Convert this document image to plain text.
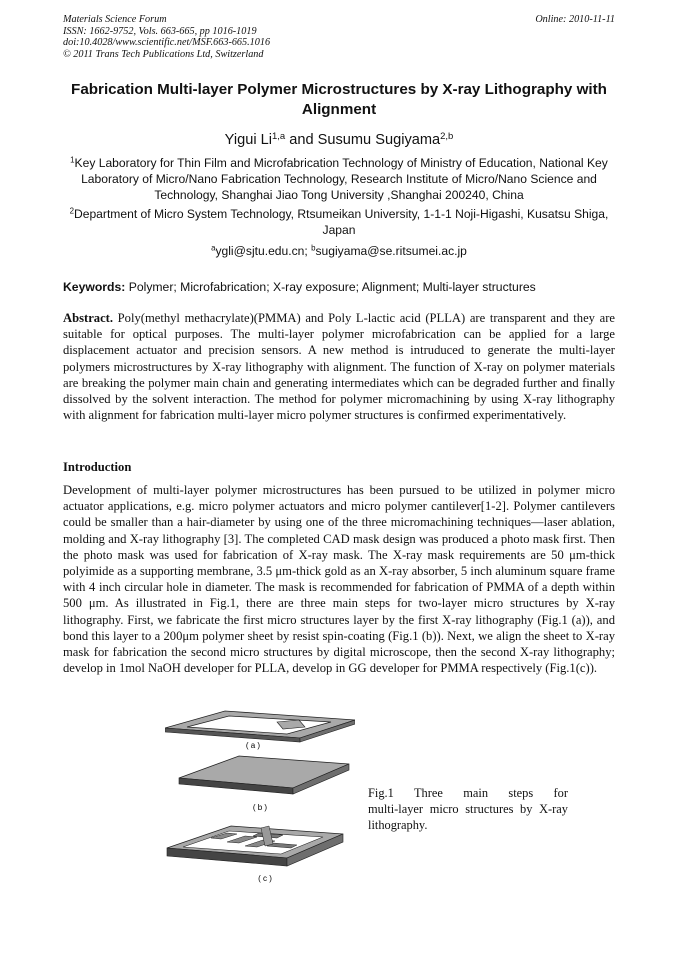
Materials Science Forum
ISSN: 1662-9752, Vols. 663-665, pp 1016-1019
doi:10.4028/www.scientific.net/MSF.663-665.1016
© 2011 Trans Tech Publications Ltd, Switzerland
Online: 2010-11-11
Fabrication Multi-layer Polymer Microstructures by X-ray Lithography with Alignment
Yigui Li$^{1,a}$ and Susumu Sugiyama$^{2,b}$
$^1$Key Laboratory for Thin Film and Microfabrication Technology of Ministry of Education, National Key Laboratory of Micro/Nano Fabrication Technology, Research Institute of Micro/Nano Science and Technology, Shanghai Jiao Tong University ,Shanghai 200240, China
$^2$Department of Micro System Technology, Rtsumeikan University, 1-1-1 Noji-Higashi, Kusatsu Shiga, Japan
$^a$ygli@sjtu.edu.cn; $^b$sugiyama@se.ritsumei.ac.jp
Keywords: Polymer; Microfabrication; X-ray exposure; Alignment; Multi-layer structures
Abstract. Poly(methyl methacrylate)(PMMA) and Poly L-lactic acid (PLLA) are transparent and they are suitable for optical purposes. The multi-layer polymer microfabrication can be applied for a large displacement actuator and precision sensors. A new method is intruduced to generate the multi-layer polymers microstructures by X-ray lithography with alignment. The function of X-ray on polymer materials are breaking the polymer main chain and generating intermediates which can be degraded further and finally dissolved by the solvent interaction. The method for polymer micromachining by using X-ray lithography with alignment for fabrication multi-layer micro polymer structures is confirmed experimentatively.
Introduction
Development of multi-layer polymer microstructures has been pursued to be utilized in polymer micro actuator applications, e.g. micro polymer actuators and micro polymer cantilever[1-2]. Polymer cantilevers could be smaller than a hair-diameter by using one of the three micromachining techniques—laser ablation, molding and X-ray lithography [3]. The completed CAD mask design was produced a photo mask first. Then the photo mask was used for fabrication of X-ray mask. The X-ray mask requirements are 50 μm-thick polyimide as a supporting membrane, 3.5 μm-thick gold as an X-ray absorber, 5 inch aluminum square frame with 4 inch circular hole in diameter. The mask is recommended for fabrication of PMMA of a depth within 500 μm. As illustrated in Fig.1, there are three main steps for two-layer micro structures by X-ray lithography. First, we fabricate the first micro structures layer by the first X-ray lithography (Fig.1 (a)), and bond this layer to a 200μm polymer sheet by resist spin-coating (Fig.1 (b)). Next, we align the sheet to X-ray mask for fabrication the second micro structures by digital microscope, then the second X-ray lithography; develop in 1mol NaOH developer for PLLA, develop in GG developer for PMMA respectively (Fig.1(c)).
( a )
( b )
( c )
Fig.1    Three    main    steps    for multi-layer micro structures by X-ray lithography.
